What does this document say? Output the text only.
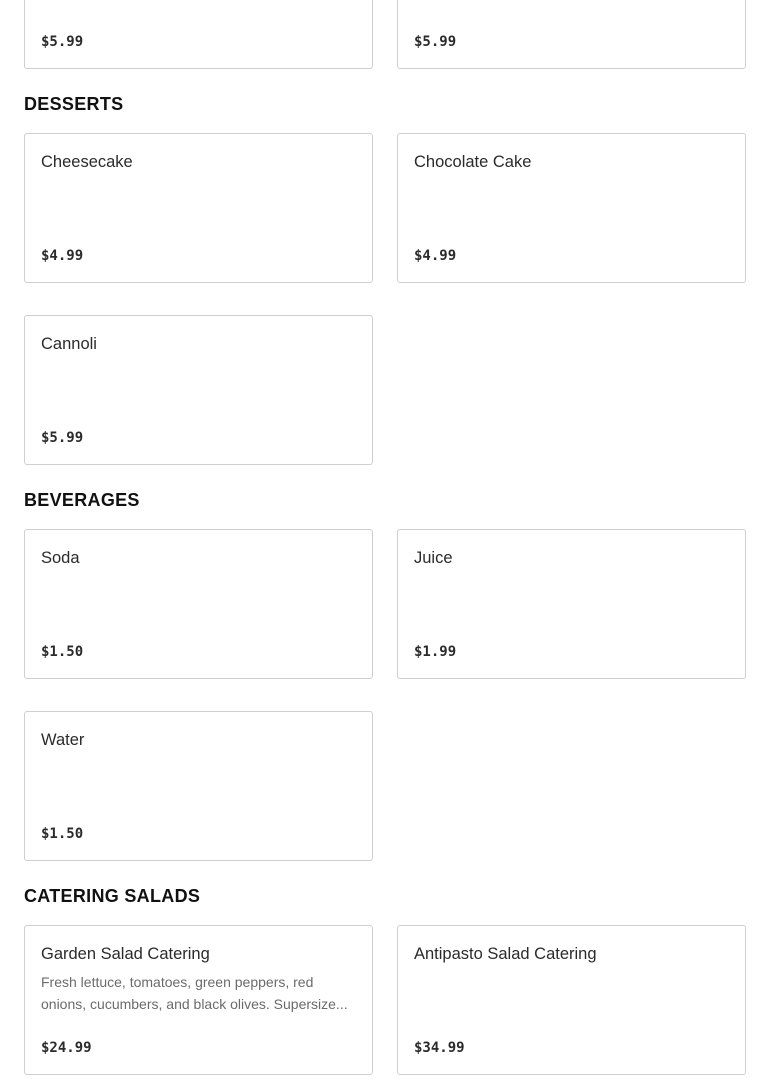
$5.99	$5.99
DESSERTS
Cheesecake
$4.99
Chocolate Cake
$4.99
Cannoli
$5.99
BEVERAGES
Soda
$1.50
Juice
$1.99
Water
$1.50
CATERING SALADS
Garden Salad Catering
Fresh lettuce, tomatoes, green peppers, red onions, cucumbers, and black olives. Supersize...
$24.99
Antipasto Salad Catering
$34.99
